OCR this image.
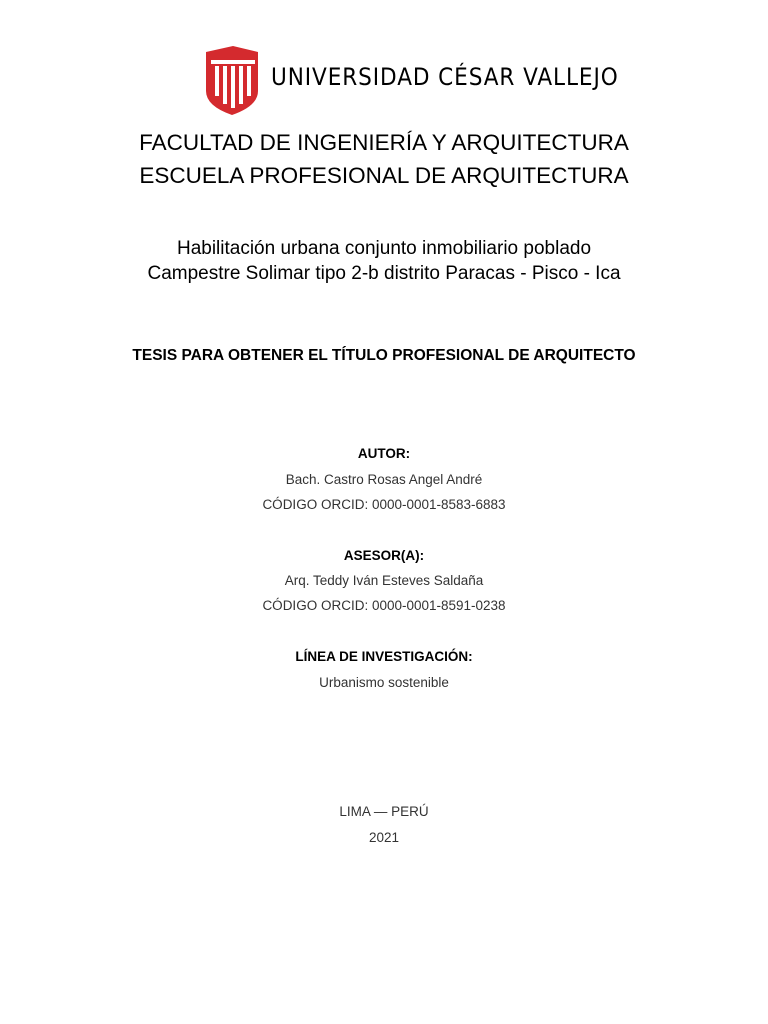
UNIVERSIDAD CÉSAR VALLEJO
FACULTAD DE INGENIERÍA Y ARQUITECTURA
ESCUELA PROFESIONAL DE ARQUITECTURA
Habilitación urbana conjunto inmobiliario poblado Campestre Solimar tipo 2-b distrito Paracas - Pisco - Ica
TESIS PARA OBTENER EL TÍTULO PROFESIONAL DE ARQUITECTO
AUTOR:
Bach. Castro Rosas Angel André
CÓDIGO ORCID: 0000-0001-8583-6883
ASESOR(A):
Arq. Teddy Iván Esteves Saldaña
CÓDIGO ORCID: 0000-0001-8591-0238
LÍNEA DE INVESTIGACIÓN:
Urbanismo sostenible
LIMA — PERÚ
2021
